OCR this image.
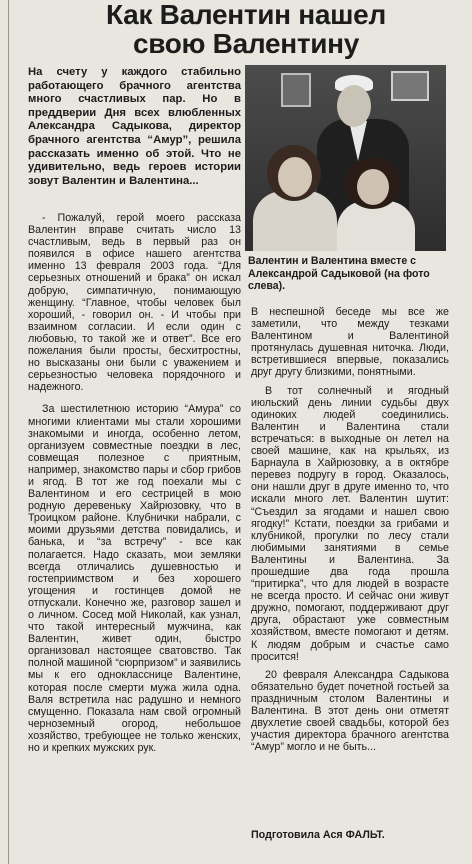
Как Валентин нашел
свою Валентину
На счету у каждого стабильно работающего брачного агентства много счастливых пар. Но в преддверии Дня всех влюбленных Александра Садыкова, директор брачного агентства “Амур”, решила рассказать именно об этой. Что не удивительно, ведь героев истории зовут Валентин и Валентина...
Валентин и Валентина вместе с Александрой Садыковой (на фото слева).

- Пожалуй, герой моего рассказа Валентин вправе считать число 13 счастливым, ведь в первый раз он появился в офисе нашего агентства именно 13 февраля 2003 года. “Для серьезных отношений и брака” он искал добрую, симпатичную, понимающую женщину. “Главное, чтобы человек был хороший, - говорил он. - И чтобы при взаимном согласии. И если один с любовью, то такой же и ответ”. Все его пожелания были просты, бесхитростны, но высказаны они были с уважением и серьезностью человека порядочного и надежного.

За шестилетнюю историю “Амура” со многими клиентами мы стали хорошими знакомыми и иногда, особенно летом, организуем совместные поездки в лес, совмещая полезное с приятным, например, знакомство пары и сбор грибов и ягод. В тот же год поехали мы с Валентином и его сестрицей в мою родную деревеньку Хайрюзовку, что в Троицком районе. Клубнички набрали, с моими друзьями детства повидались, и банька, и “за встречу” - все как полагается. Надо сказать, мои земляки всегда отличались душевностью и гостеприимством и без хорошего угощения и гостинцев домой не отпускали. Конечно же, разговор зашел и о личном. Сосед мой Николай, как узнал, что такой интересный мужчина, как Валентин, живет один, быстро организовал настоящее сватовство. Так полной машиной “сюрпризом” и заявились мы к его однокласснице Валентине, которая после смерти мужа жила одна. Валя встретила нас радушно и немного смущенно. Показала нам свой огромный черноземный огород, небольшое хозяйство, требующее не только женских, но и крепких мужских рук.

В неспешной беседе мы все же заметили, что между тезками Валентином и Валентиной протянулась душевная ниточка. Люди, встретившиеся впервые, показались друг другу близкими, понятными.

В тот солнечный и ягодный июльский день линии судьбы двух одиноких людей соединились. Валентин и Валентина стали встречаться: в выходные он летел на своей машине, как на крыльях, из Барнаула в Хайрюзовку, а в октябре перевез подругу в город. Оказалось, они нашли друг в друге именно то, что искали много лет. Валентин шутит: “Съездил за ягодами и нашел свою ягодку!” Кстати, поездки за грибами и клубникой, прогулки по лесу стали любимыми занятиями в семье Валентины и Валентина. За прошедшие два года прошла “притирка”, что для людей в возрасте не всегда просто. И сейчас они живут дружно, помогают, поддерживают друг друга, обрастают уже совместным хозяйством, вместе помогают и детям. К людям добрым и счастье само просится!

20 февраля Александра Садыкова обязательно будет почетной гостьей за праздничным столом Валентины и Валентина. В этот день они отметят двухлетие своей свадьбы, которой без участия директора брачного агентства “Амур” могло и не быть...

Подготовила Ася ФАЛЬТ.
